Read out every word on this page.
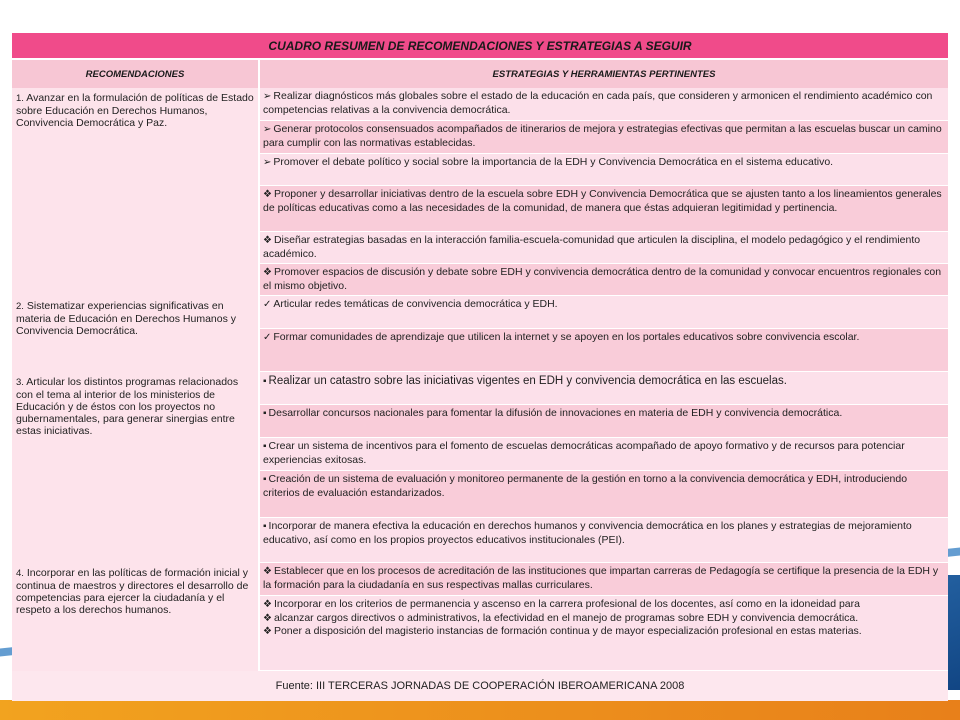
CUADRO RESUMEN DE RECOMENDACIONES Y ESTRATEGIAS A SEGUIR	
RECOMENDACIONES	ESTRATEGIAS Y HERRAMIENTAS PERTINENTES
1. Avanzar en la formulación de políticas de Estado sobre Educación en Derechos Humanos, Convivencia Democrática y Paz.	➢ Realizar diagnósticos más globales sobre el estado de la educación en cada país, que consideren y armonicen el rendimiento académico con competencias relativas a la convivencia democrática.
	➢ Generar protocolos consensuados acompañados de itinerarios de mejora y estrategias efectivas que permitan a las escuelas buscar un camino para cumplir con las normativas establecidas.
	➢ Promover el debate político y social sobre la importancia de la EDH y Convivencia Democrática en el sistema educativo.
	❖ Proponer y desarrollar iniciativas dentro de la escuela sobre EDH y Convivencia Democrática que se ajusten tanto a los lineamientos generales de políticas educativas como a las necesidades de la comunidad, de manera que éstas adquieran legitimidad y pertinencia.
	❖ Diseñar estrategias basadas en la interacción familia-escuela-comunidad que articulen la disciplina, el modelo pedagógico y el rendimiento académico.
	❖ Promover espacios de discusión y debate sobre EDH y convivencia democrática dentro de la comunidad y convocar encuentros regionales con el mismo objetivo.
2. Sistematizar experiencias significativas en materia de Educación en Derechos Humanos y Convivencia Democrática.	✓ Articular redes temáticas de convivencia democrática y EDH.
	✓ Formar comunidades de aprendizaje que utilicen la internet y se apoyen en los portales educativos sobre convivencia escolar.
3. Articular los distintos programas relacionados con el tema al interior de los ministerios de Educación y de éstos con los proyectos no gubernamentales, para generar sinergias entre estas iniciativas.	▪ Realizar un catastro sobre las iniciativas vigentes en EDH y convivencia democrática en las escuelas.
	▪ Desarrollar concursos nacionales para fomentar la difusión de innovaciones en materia de EDH y convivencia democrática.
	▪ Crear un sistema de incentivos para el fomento de escuelas democráticas acompañado de apoyo formativo y de recursos para potenciar experiencias exitosas.
	▪ Creación de un sistema de evaluación y monitoreo permanente de la gestión en torno a la convivencia democrática y EDH, introduciendo criterios de evaluación estandarizados.
	▪ Incorporar de manera efectiva la educación en derechos humanos y convivencia democrática en los planes y estrategias de mejoramiento educativo, así como en los propios proyectos educativos institucionales (PEI).
4. Incorporar en las políticas de formación inicial y continua de maestros y directores el desarrollo de competencias para ejercer la ciudadanía y el respeto a los derechos humanos.	❖ Establecer que en los procesos de acreditación de las instituciones que impartan carreras de Pedagogía se certifique la presencia de la EDH y la formación para la ciudadanía en sus respectivas mallas curriculares.

	❖ Incorporar en los criterios de permanencia y ascenso en la carrera profesional de los docentes, así como en la idoneidad para
❖ alcanzar cargos directivos o administrativos, la efectividad en el manejo de programas sobre EDH y convivencia democrática.
❖ Poner a disposición del magisterio instancias de formación continua y de mayor especialización profesional en estas materias.

Fuente: III TERCERAS JORNADAS DE COOPERACIÓN IBEROAMERICANA 2008	
